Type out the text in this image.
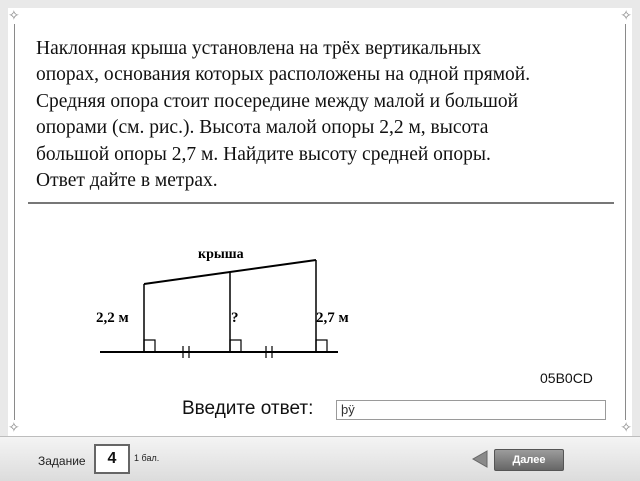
✧	✧
✧	✧

Наклонная крыша установлена на трёх вертикальных

опорах, основания которых расположены на одной прямой.

Средняя опора стоит посередине между малой и большой

опорами (см. рис.). Высота малой опоры 2,2 м, высота

большой опоры 2,7 м. Найдите высоту средней опоры.

Ответ дайте в метрах.

крыша
2,2 м	?	2,7 м
05B0CD
Введите ответ:	þÿ
Задание	4	1 бал.	Далее
